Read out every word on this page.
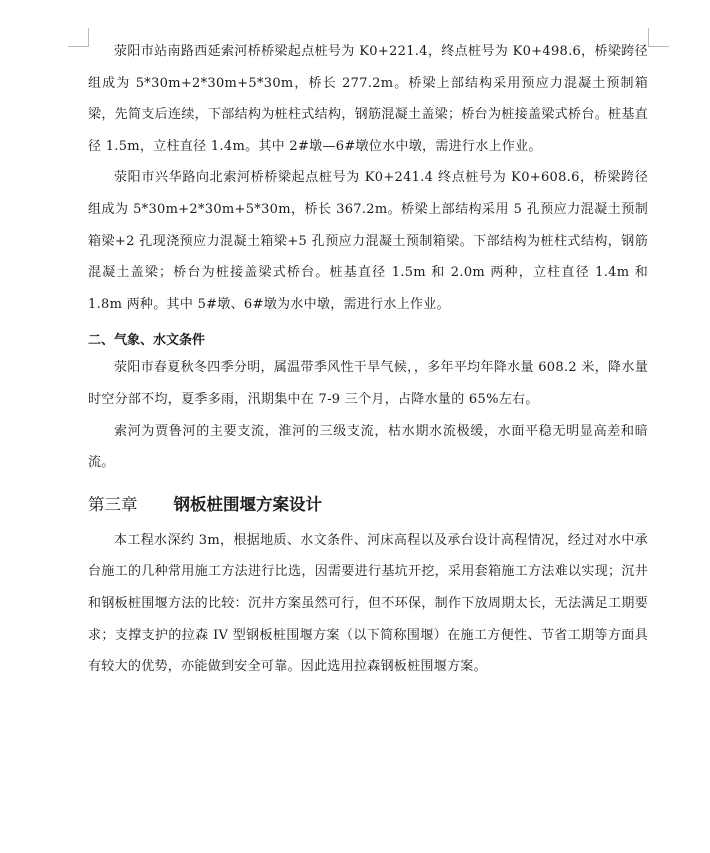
荥阳市站南路西延索河桥桥梁起点桩号为 K0+221.4，终点桩号为 K0+498.6，桥梁跨径组成为 5*30m+2*30m+5*30m，桥长 277.2m。桥梁上部结构采用预应力混凝土预制箱梁，先简支后连续，下部结构为桩柱式结构，钢筋混凝土盖梁；桥台为桩接盖梁式桥台。桩基直径 1.5m，立柱直径 1.4m。其中 2#墩—6#墩位水中墩，需进行水上作业。

荥阳市兴华路向北索河桥桥梁起点桩号为 K0+241.4 终点桩号为 K0+608.6，桥梁跨径组成为 5*30m+2*30m+5*30m，桥长 367.2m。桥梁上部结构采用 5 孔预应力混凝土预制箱梁+2 孔现浇预应力混凝土箱梁+5 孔预应力混凝土预制箱梁。下部结构为桩柱式结构，钢筋混凝土盖梁；桥台为桩接盖梁式桥台。桩基直径 1.5m 和 2.0m 两种，立柱直径 1.4m 和 1.8m 两种。其中 5#墩、6#墩为水中墩，需进行水上作业。

二、气象、水文条件

荥阳市春夏秋冬四季分明，属温带季风性干旱气候，，多年平均年降水量 608.2 米，降水量时空分部不均，夏季多雨，汛期集中在 7-9 三个月，占降水量的 65%左右。

索河为贾鲁河的主要支流，淮河的三级支流，枯水期水流极缓，水面平稳无明显高差和暗流。

第三章 钢板桩围堰方案设计

本工程水深约 3m，根据地质、水文条件、河床高程以及承台设计高程情况，经过对水中承台施工的几种常用施工方法进行比选，因需要进行基坑开挖，采用套箱施工方法难以实现；沉井和钢板桩围堰方法的比较：沉井方案虽然可行，但不环保，制作下放周期太长，无法满足工期要求；支撑支护的拉森 IV 型钢板桩围堰方案（以下简称围堰）在施工方便性、节省工期等方面具有较大的优势，亦能做到安全可靠。因此选用拉森钢板桩围堰方案。
